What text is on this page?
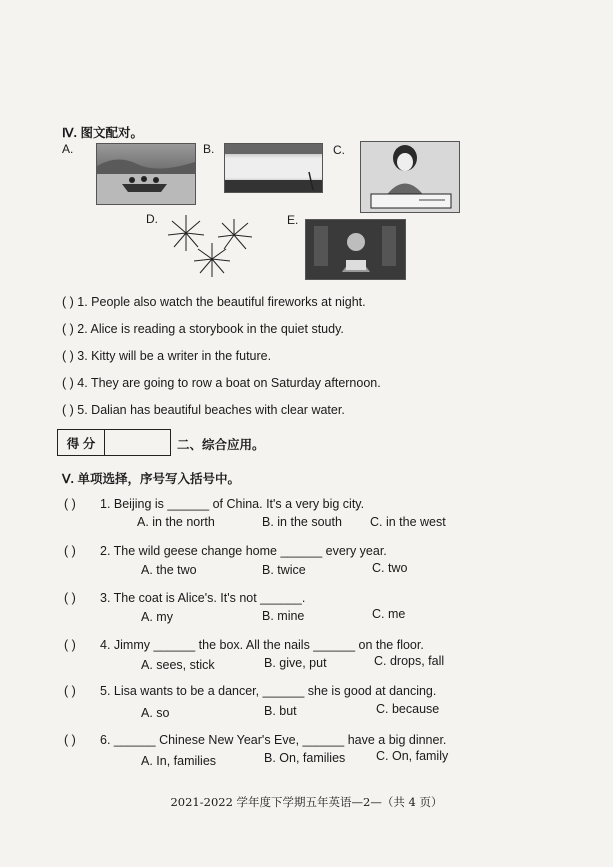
Ⅳ. 图文配对。
A.	B.	C.
D.	E.
( ) 1. People also watch the beautiful fireworks at night.
( ) 2. Alice is reading a storybook in the quiet study.
( ) 3. Kitty will be a writer in the future.
( ) 4. They are going to row a boat on Saturday afternoon.
( ) 5. Dalian has beautiful beaches with clear water.
得 分	二、综合应用。
Ⅴ. 单项选择，序号写入括号中。
( ) 1. Beijing is ______ of China. It's a very big city.
A. in the north	B. in the south C. in the west
( ) 2. The wild geese change home ______ every year.
A. the two	B. twice	C. two
( ) 3. The coat is Alice's. It's not ______.
A. my	B. mine	C. me
( ) 4. Jimmy ______ the box. All the nails ______ on the floor.
A. sees, stick	B. give, put	C. drops, fall
( ) 5. Lisa wants to be a dancer, ______ she is good at dancing.
A. so	B. but	C. because
( ) 6. ______ Chinese New Year's Eve, ______ have a big dinner.
A. In, families	B. On, families C. On, family
2021-2022 学年度下学期五年英语—2—（共 4 页）
